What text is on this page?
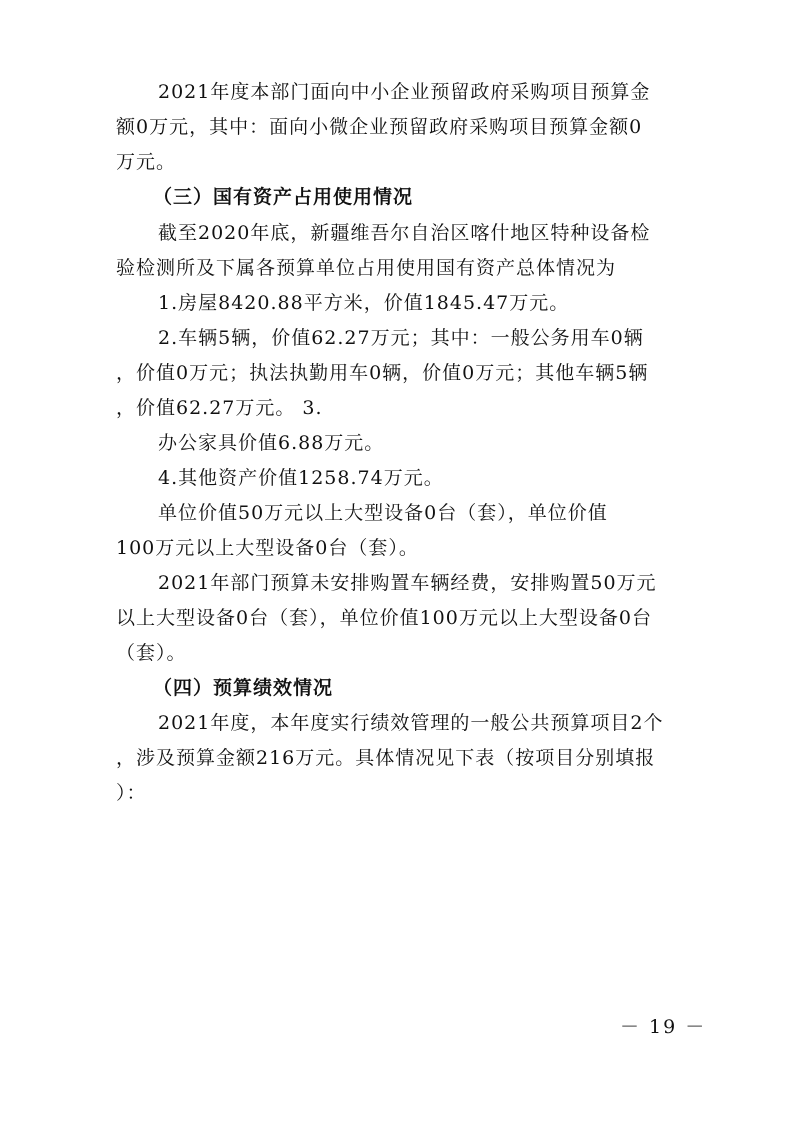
2021年度本部门面向中小企业预留政府采购项目预算金
额0万元，其中：面向小微企业预留政府采购项目预算金额0
万元。
（三）国有资产占用使用情况
截至2020年底，新疆维吾尔自治区喀什地区特种设备检
验检测所及下属各预算单位占用使用国有资产总体情况为
1.房屋8420.88平方米，价值1845.47万元。
2.车辆5辆，价值62.27万元；其中：一般公务用车0辆
，价值0万元；执法执勤用车0辆，价值0万元；其他车辆5辆
，价值62.27万元。 3.
办公家具价值6.88万元。
4.其他资产价值1258.74万元。
单位价值50万元以上大型设备0台（套），单位价值
100万元以上大型设备0台（套）。
2021年部门预算未安排购置车辆经费，安排购置50万元
以上大型设备0台（套），单位价值100万元以上大型设备0台
（套）。
（四）预算绩效情况
2021年度，本年度实行绩效管理的一般公共预算项目2个
，涉及预算金额216万元。具体情况见下表（按项目分别填报
）：
－ 19 －
